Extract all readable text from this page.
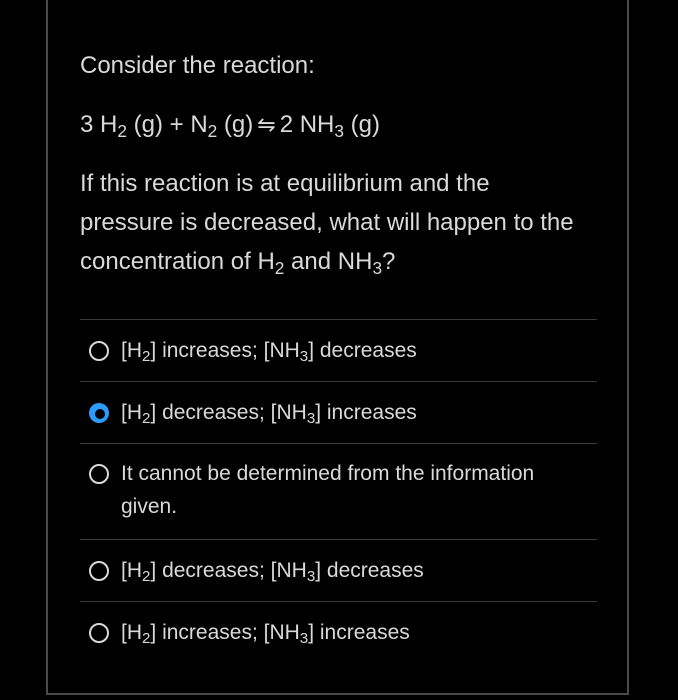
Consider the reaction:
3 $H_2$ $(g) + N_2$ (g) ⇋ 2 $NH_3$ (g)
If this reaction is at equilibrium and the pressure is decreased, what will happen to the concentration of $H_2$ and $NH_3$?
$[H_2]$ increases; $[NH_3]$ decreases
$[H_2]$ decreases; $[NH_3]$ increases
It cannot be determined from the information given.
$[H_2]$ decreases; $[NH_3]$ decreases
$[H_2]$ increases; $[NH_3]$ increases
